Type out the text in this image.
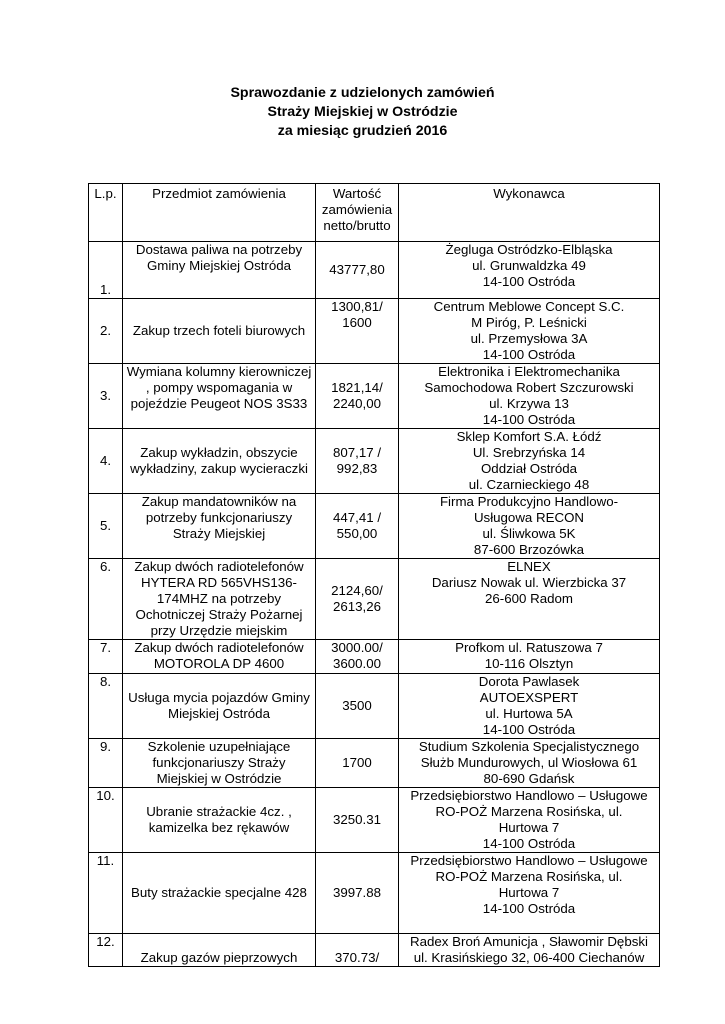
Sprawozdanie z udzielonych zamówień
Straży Miejskiej w Ostródzie
za miesiąc grudzień 2016
L.p.	Przedmiot zamówienia	Wartość
zamówienia
netto/brutto	Wykonawca
1.	Dostawa paliwa na potrzeby
Gminy Miejskiej Ostróda	43777,80	Żegluga Ostródzko-Elbląska
ul. Grunwaldzka 49
14-100 Ostróda

2.	Zakup trzech foteli biurowych	1300,81/
1600	Centrum Meblowe Concept S.C.
M Piróg, P. Leśnicki
ul. Przemysłowa 3A
14-100 Ostróda

3.	Wymiana kolumny kierowniczej
, pompy wspomagania w
pojeździe Peugeot NOS 3S33	1821,14/
2240,00	Elektronika i Elektromechanika
Samochodowa Robert Szczurowski
ul. Krzywa 13
14-100 Ostróda

4.	Zakup wykładzin, obszycie
wykładziny, zakup wycieraczki	807,17 /
992,83	Sklep Komfort S.A. Łódź
Ul. Srebrzyńska 14
Oddział Ostróda
ul. Czarnieckiego 48

5.	Zakup mandatowników na
potrzeby funkcjonariuszy
Straży Miejskiej	447,41 /
550,00	Firma Produkcyjno Handlowo-
Usługowa RECON
ul. Śliwkowa 5K
87-600 Brzozówka

6.	Zakup dwóch radiotelefonów
HYTERA RD 565VHS136-
174MHZ na potrzeby
Ochotniczej Straży Pożarnej
przy Urzędzie miejskim	2124,60/
2613,26	ELNEX
Dariusz Nowak ul. Wierzbicka 37
26-600 Radom

7.	Zakup dwóch radiotelefonów
MOTOROLA DP 4600	3000.00/
3600.00	Profkom ul. Ratuszowa 7
10-116 Olsztyn

8.	Usługa mycia pojazdów Gminy
Miejskiej Ostróda	3500	Dorota Pawlasek
AUTOEXSPERT
ul. Hurtowa 5A
14-100 Ostróda

9.	Szkolenie uzupełniające
funkcjonariuszy Straży
Miejskiej w Ostródzie	1700	Studium Szkolenia Specjalistycznego
Służb Mundurowych, ul Wiosłowa 61
80-690 Gdańsk

10.	Ubranie strażackie 4cz. ,
kamizelka bez rękawów	3250.31	Przedsiębiorstwo Handlowo – Usługowe
RO-POŻ Marzena Rosińska, ul.
Hurtowa 7
14-100 Ostróda

11.	Buty strażackie specjalne 428	3997.88	Przedsiębiorstwo Handlowo – Usługowe
RO-POŻ Marzena Rosińska, ul.
Hurtowa 7
14-100 Ostróda

12.	Zakup gazów pieprzowych	370.73/	Radex Broń Amunicja , Sławomir Dębski
ul. Krasińskiego 32, 06-400 Ciechanów
